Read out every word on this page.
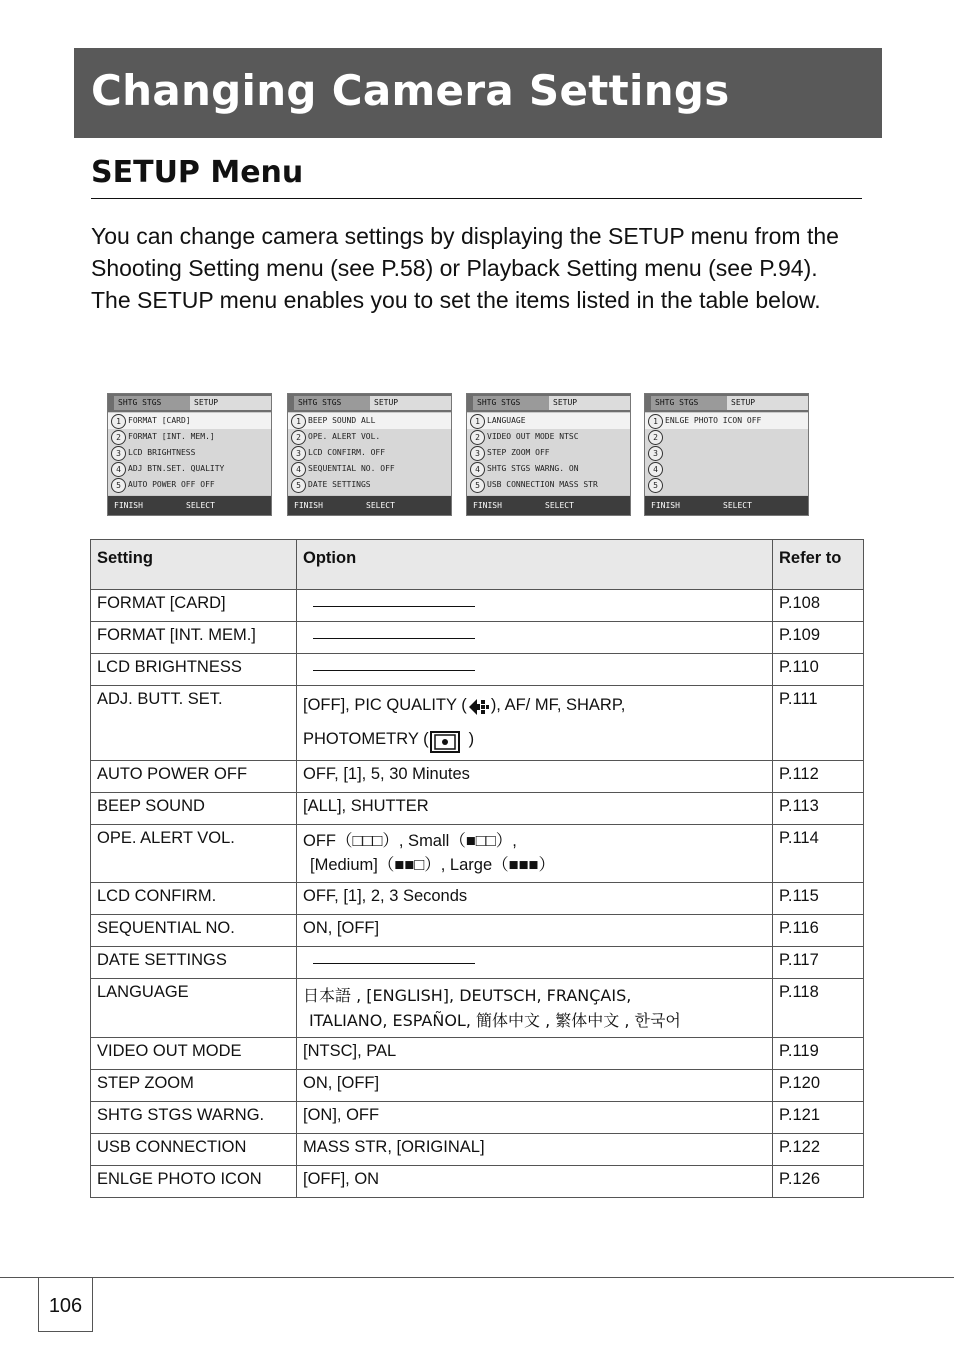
Changing Camera Settings
SETUP Menu

You can change camera settings by displaying the SETUP menu from the Shooting Setting menu (see P.58) or Playback Setting menu (see P.94).

The SETUP menu enables you to set the items listed in the table below.

SHTG STGS	SETUP
1 FORMAT [CARD]
2 FORMAT [INT. MEM.]
3 LCD BRIGHTNESS
4 ADJ BTN.SET. QUALITY
5 AUTO POWER OFF OFF
FINISH	SELECT
SHTG STGS	SETUP
1 BEEP SOUND ALL
2 OPE. ALERT VOL.
3 LCD CONFIRM. OFF
4 SEQUENTIAL NO. OFF
5 DATE SETTINGS
FINISH	SELECT
SHTG STGS	SETUP
1 LANGUAGE
2 VIDEO OUT MODE NTSC
3 STEP ZOOM OFF
4 SHTG STGS WARNG. ON
5 USB CONNECTION MASS STR
FINISH	SELECT
SHTG STGS	SETUP
1 ENLGE PHOTO ICON OFF
2
3
4
5
FINISH	SELECT
Setting	Option	Refer to
FORMAT [CARD]		P.108
FORMAT [INT. MEM.]		P.109
LCD BRIGHTNESS		P.110
ADJ. BUTT. SET.	[OFF], PIC QUALITY ( ), AF/ MF, SHARP,
PHOTOMETRY ( )	P.111
AUTO POWER OFF	OFF, [1], 5, 30 Minutes	P.112
BEEP SOUND	[ALL], SHUTTER	P.113
OPE. ALERT VOL.	OFF（□□□）, Small（■□□）,
[Medium]（■■□）, Large（■■■）	P.114
LCD CONFIRM.	OFF, [1], 2, 3 Seconds	P.115
SEQUENTIAL NO.	ON, [OFF]	P.116
DATE SETTINGS		P.117
LANGUAGE	日本語 , [ENGLISH], DEUTSCH, FRANÇAIS,
ITALIANO, ESPAÑOL, 簡体中文 , 繁体中文 , 한국어	P.118
VIDEO OUT MODE	[NTSC], PAL	P.119
STEP ZOOM	ON, [OFF]	P.120
SHTG STGS WARNG.	[ON], OFF	P.121
USB CONNECTION	MASS STR, [ORIGINAL]	P.122
ENLGE PHOTO ICON	[OFF], ON	P.126
106
